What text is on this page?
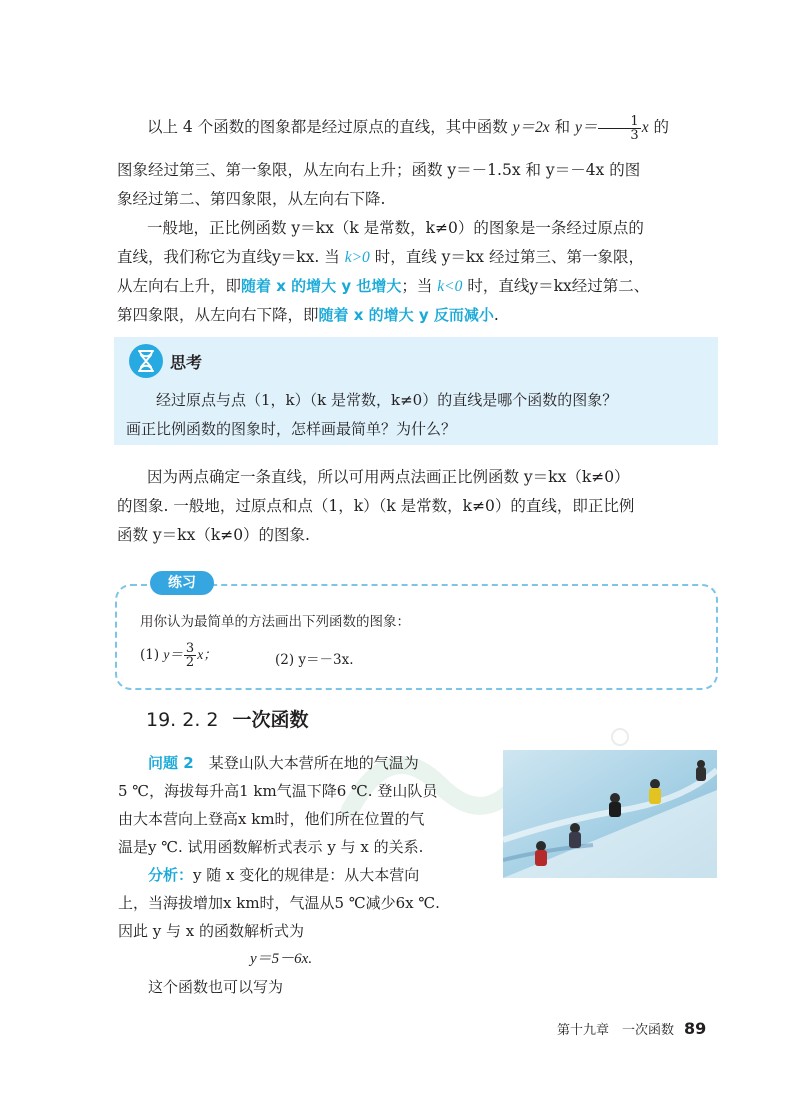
以上 4 个函数的图象都是经过原点的直线，其中函数 y＝2x 和 $y= \frac{1}{3}$ x 的

图象经过第三、第一象限，从左向右上升；函数 y＝－1.5x 和 y＝－4x 的图

象经过第二、第四象限，从左向右下降.

一般地，正比例函数 y＝kx（k 是常数，k≠0）的图象是一条经过原点的

直线，我们称它为直线y＝kx. 当 k>0 时，直线 y＝kx 经过第三、第一象限，

从左向右上升，即随着 x 的增大 y 也增大；当 k<0 时，直线y＝kx经过第二、

第四象限，从左向右下降，即随着 x 的增大 y 反而减小.

思考

经过原点与点（1，k）（k 是常数，k≠0）的直线是哪个函数的图象？

画正比例函数的图象时，怎样画最简单？为什么？

因为两点确定一条直线，所以可用两点法画正比例函数 y＝kx（k≠0）

的图象. 一般地，过原点和点（1，k）（k 是常数，k≠0）的直线，即正比例

函数 y＝kx（k≠0）的图象.

练习

用你认为最简单的方法画出下列函数的图象：

(1) $y= \frac{3}{2}$ x；	(2) y＝－3x.

19. 2. 2 一次函数

问题 2　 某登山队大本营所在地的气温为

5 ℃，海拔每升高1 km气温下降6 ℃. 登山队员

由大本营向上登高x km时，他们所在位置的气

温是y ℃. 试用函数解析式表示 y 与 x 的关系.

分析：y 随 x 变化的规律是：从大本营向

上，当海拔增加x km时，气温从5 ℃减少6x ℃.

因此 y 与 x 的函数解析式为

y＝5－6x.

这个函数也可以写为

第十九章　一次函数 89
